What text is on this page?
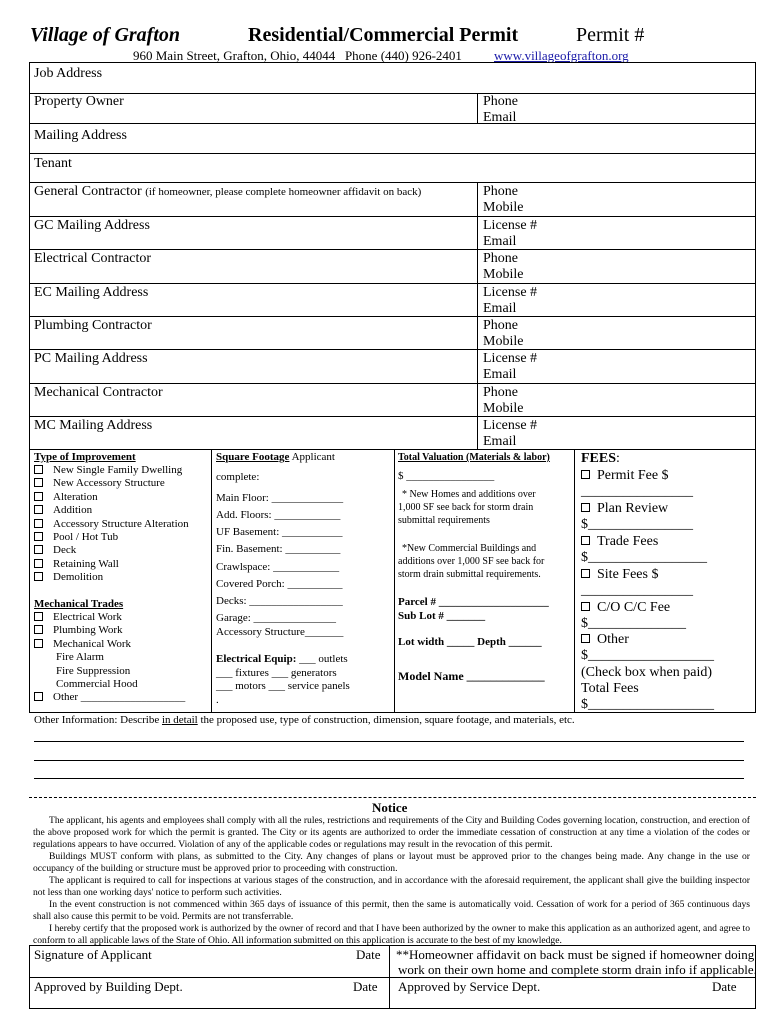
Village of Grafton	Residential/Commercial Permit	Permit #
960 Main Street, Grafton, Ohio, 44044   Phone (440) 926-2401 www.villageofgrafton.org
Job Address
Property Owner	Phone
Email
Mailing Address
Tenant
General Contractor (if homeowner, please complete homeowner affidavit on back)	Phone
Mobile
GC Mailing Address	License #
Email
Electrical Contractor	Phone
Mobile
EC Mailing Address	License #
Email
Plumbing Contractor	Phone
Mobile
PC Mailing Address	License #
Email
Mechanical Contractor	Phone
Mobile
MC Mailing Address	License #
Email
Type of Improvement
New Single Family Dwelling
New Accessory Structure
Alteration
Addition
Accessory Structure Alteration
Pool / Hot Tub
Deck
Retaining Wall
Demolition
Mechanical Trades
Electrical Work
Plumbing Work
Mechanical Work
Fire Alarm
Fire Suppression
Commercial Hood
Other ___________________
Square Footage Applicant
complete:
Main Floor: _____________
Add. Floors: ____________
UF Basement: ___________
Fin. Basement: __________
Crawlspace: ____________
Covered Porch: __________
Decks: _________________
Garage: _______________
Accessory Structure_______
Electrical Equip: ___ outlets
___ fixtures ___ generators
___ motors ___ service panels
.
Total Valuation (Materials & labor)
$ ________________
* New Homes and additions over
1,000 SF see back for storm drain
submittal requirements
*New Commercial Buildings and
additions over 1,000 SF see back for
storm drain submittal requirements.
Parcel # ____________________
Sub Lot # _______
Lot width _____ Depth ______
Model Name _____________
FEES:
Permit Fee $
________________
Plan Review
$_______________
Trade Fees
$_________________
Site Fees $
________________
C/O C/C Fee
$______________
Other
$__________________
(Check box when paid)
Total Fees
$__________________
Other Information: Describe in detail the proposed use, type of construction, dimension, square footage, and materials, etc.
Notice

The applicant, his agents and employees shall comply with all the rules, restrictions and requirements of the City and Building Codes governing location, construction, and erection of the above proposed work for which the permit is granted. The City or its agents are authorized to order the immediate cessation of construction at any time a violation of the codes or regulations appears to have occurred. Violation of any of the applicable codes or regulations may result in the revocation of this permit.

Buildings MUST conform with plans, as submitted to the City. Any changes of plans or layout must be approved prior to the changes being made. Any change in the use or occupancy of the building or structure must be approved prior to proceeding with construction.

The applicant is required to call for inspections at various stages of the construction, and in accordance with the aforesaid requirement, the applicant shall give the building inspector not less than one working days' notice to perform such activities.

In the event construction is not commenced within 365 days of issuance of this permit, then the same is automatically void. Cessation of work for a period of 365 continuous days shall also cause this permit to be void. Permits are not transferrable.

I hereby certify that the proposed work is authorized by the owner of record and that I have been authorized by the owner to make this application as an authorized agent, and agree to conform to all applicable laws of the State of Ohio. All information submitted on this application is accurate to the best of my knowledge.

Signature of Applicant	Date **Homeowner affidavit on back must be signed if homeowner doing
work on their own home and complete storm drain info if applicable.
Approved by Building Dept.	Date Approved by Service Dept.	Date
